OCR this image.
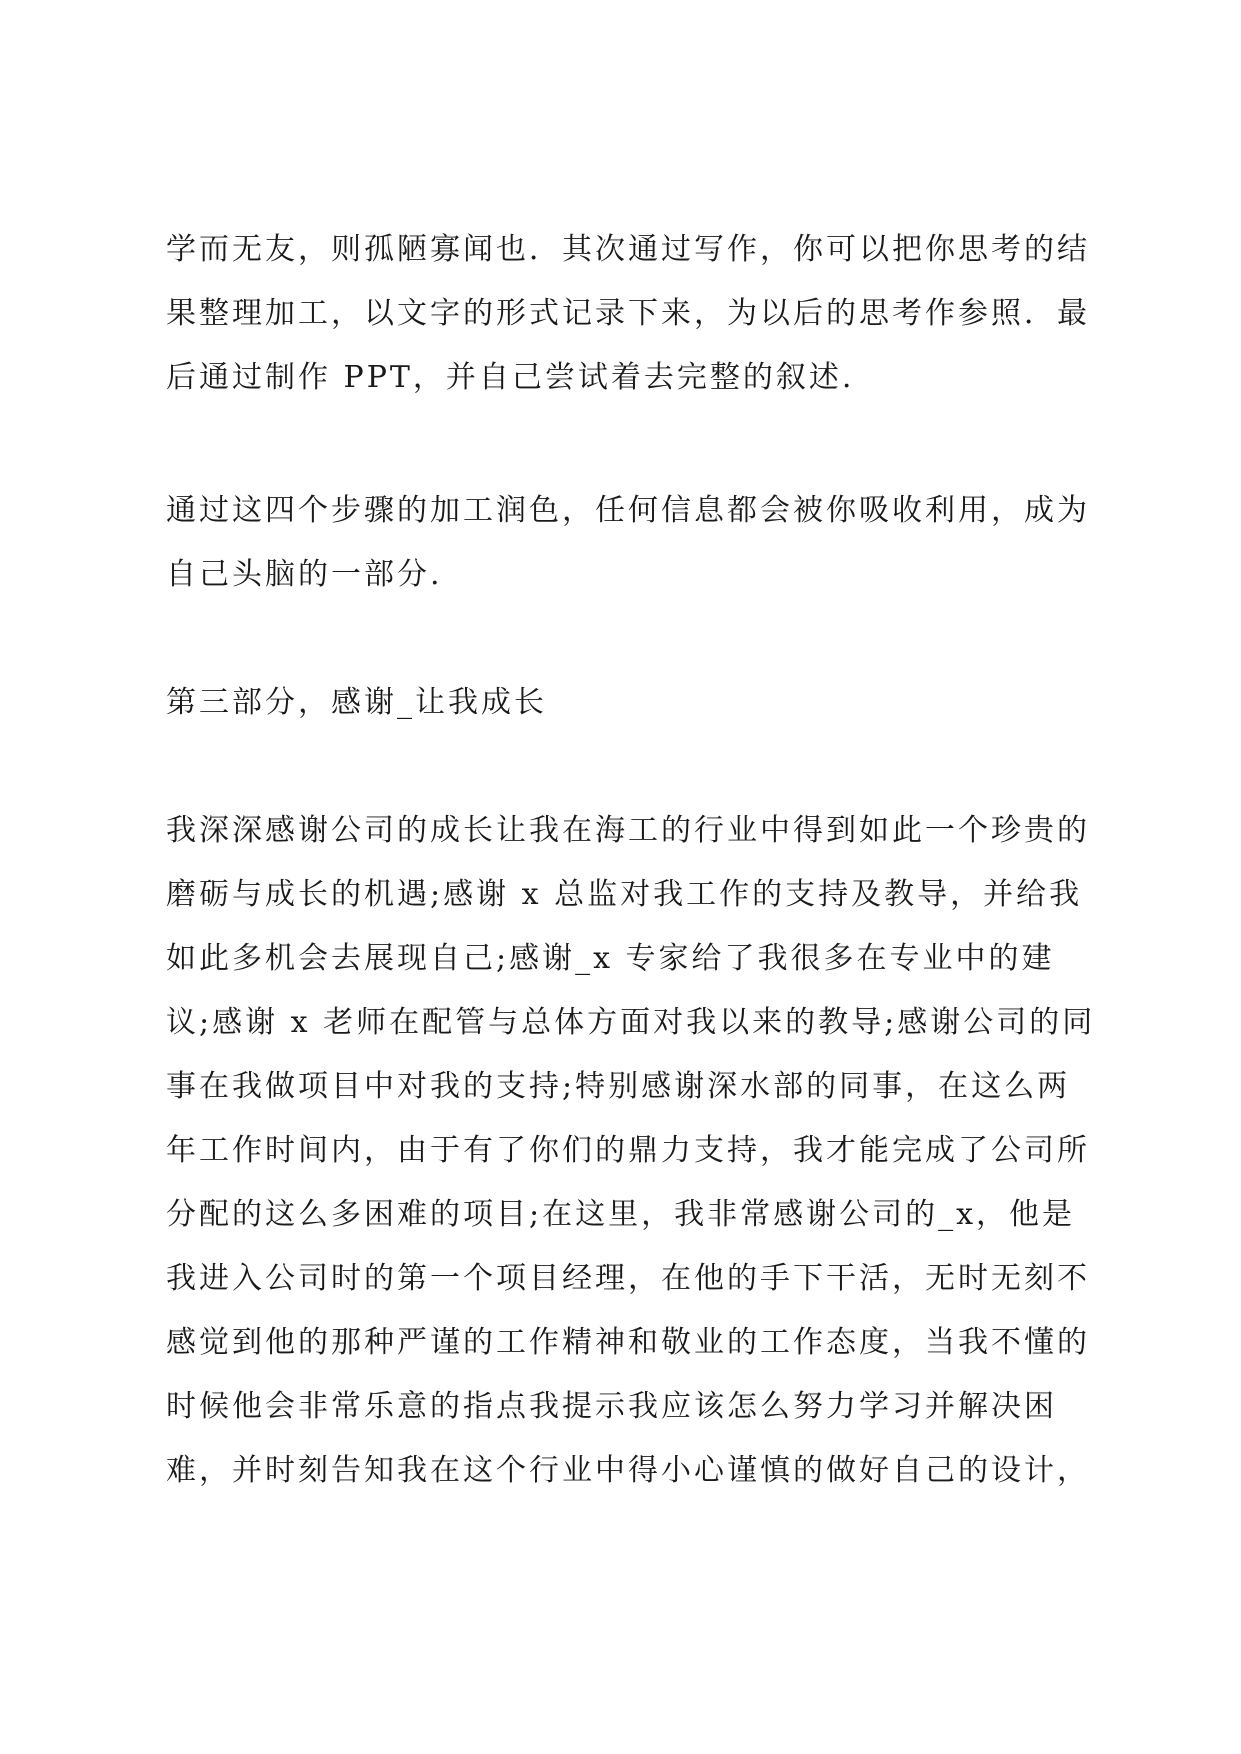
学而无友，则孤陋寡闻也．其次通过写作，你可以把你思考的结
果整理加工，以文字的形式记录下来，为以后的思考作参照．最
后通过制作 PPT，并自己尝试着去完整的叙述.
通过这四个步骤的加工润色，任何信息都会被你吸收利用，成为
自己头脑的一部分.
第三部分，感谢_让我成长
我深深感谢公司的成长让我在海工的行业中得到如此一个珍贵的
磨砺与成长的机遇;感谢 x 总监对我工作的支持及教导，并给我
如此多机会去展现自己;感谢_x 专家给了我很多在专业中的建
议;感谢 x 老师在配管与总体方面对我以来的教导;感谢公司的同
事在我做项目中对我的支持;特别感谢深水部的同事，在这么两
年工作时间内，由于有了你们的鼎力支持，我才能完成了公司所
分配的这么多困难的项目;在这里，我非常感谢公司的_x，他是
我进入公司时的第一个项目经理，在他的手下干活，无时无刻不
感觉到他的那种严谨的工作精神和敬业的工作态度，当我不懂的
时候他会非常乐意的指点我提示我应该怎么努力学习并解决困
难，并时刻告知我在这个行业中得小心谨慎的做好自己的设计，
